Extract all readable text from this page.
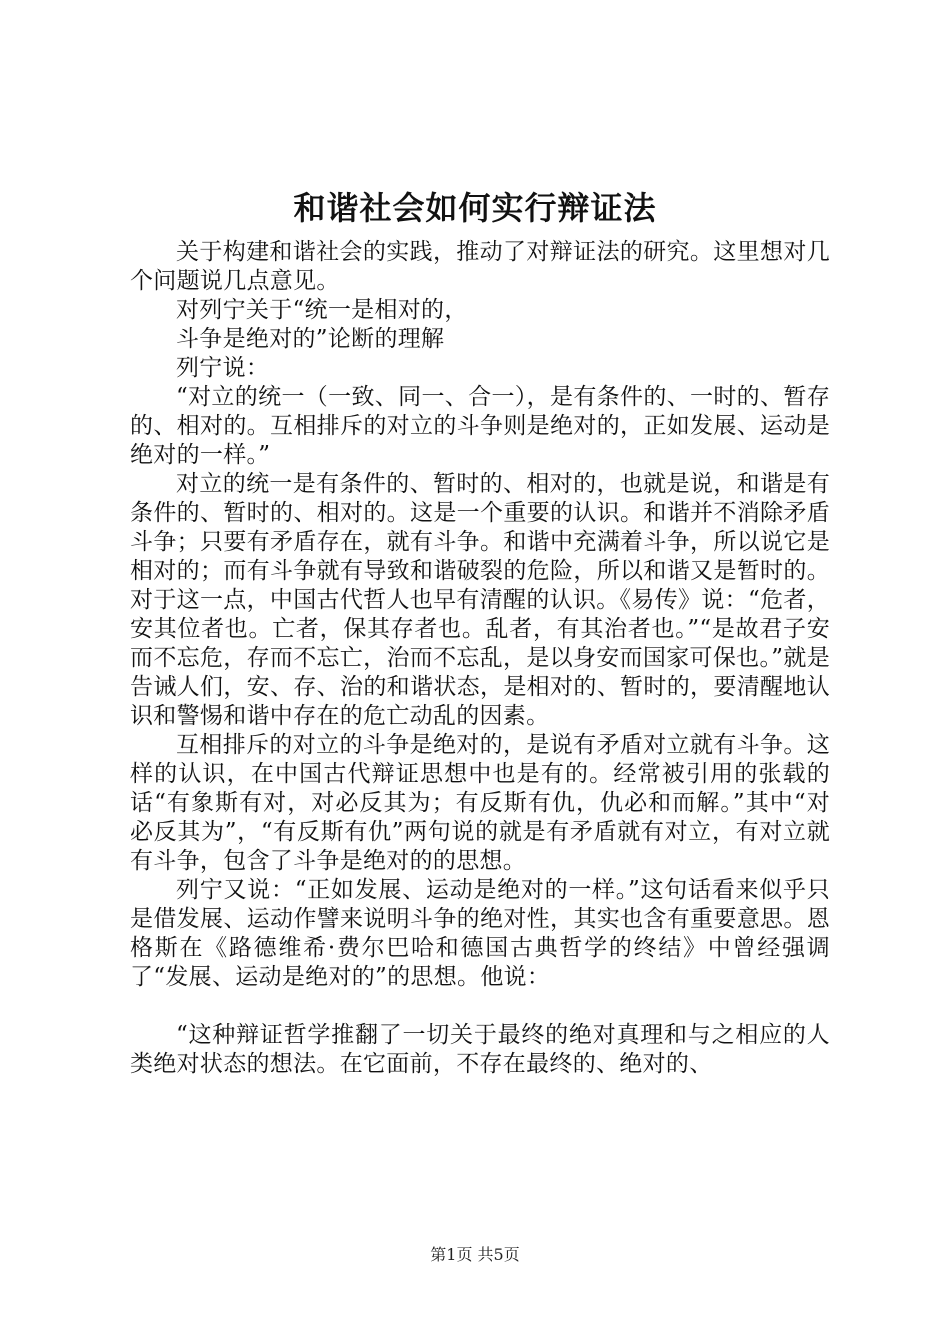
和谐社会如何实行辩证法

关于构建和谐社会的实践，推动了对辩证法的研究。这里想对几个问题说几点意见。

对列宁关于“统一是相对的，

斗争是绝对的”论断的理解

列宁说：

“对立的统一（一致、同一、合一），是有条件的、一时的、暂存的、相对的。互相排斥的对立的斗争则是绝对的，正如发展、运动是绝对的一样。”

对立的统一是有条件的、暂时的、相对的，也就是说，和谐是有条件的、暂时的、相对的。这是一个重要的认识。和谐并不消除矛盾斗争；只要有矛盾存在，就有斗争。和谐中充满着斗争，所以说它是相对的；而有斗争就有导致和谐破裂的危险，所以和谐又是暂时的。对于这一点，中国古代哲人也早有清醒的认识。《易传》说：“危者，安其位者也。亡者，保其存者也。乱者，有其治者也。”“是故君子安而不忘危，存而不忘亡，治而不忘乱，是以身安而国家可保也。”就是告诫人们，安、存、治的和谐状态，是相对的、暂时的，要清醒地认识和警惕和谐中存在的危亡动乱的因素。

互相排斥的对立的斗争是绝对的，是说有矛盾对立就有斗争。这样的认识，在中国古代辩证思想中也是有的。经常被引用的张载的话“有象斯有对，对必反其为；有反斯有仇，仇必和而解。”其中“对必反其为”，“有反斯有仇”两句说的就是有矛盾就有对立，有对立就有斗争，包含了斗争是绝对的的思想。

列宁又说：“正如发展、运动是绝对的一样。”这句话看来似乎只是借发展、运动作譬来说明斗争的绝对性，其实也含有重要意思。恩格斯在《路德维希·费尔巴哈和德国古典哲学的终结》中曾经强调了“发展、运动是绝对的”的思想。他说：

“这种辩证哲学推翻了一切关于最终的绝对真理和与之相应的人类绝对状态的想法。在它面前，不存在最终的、绝对的、

第1页 共5页
